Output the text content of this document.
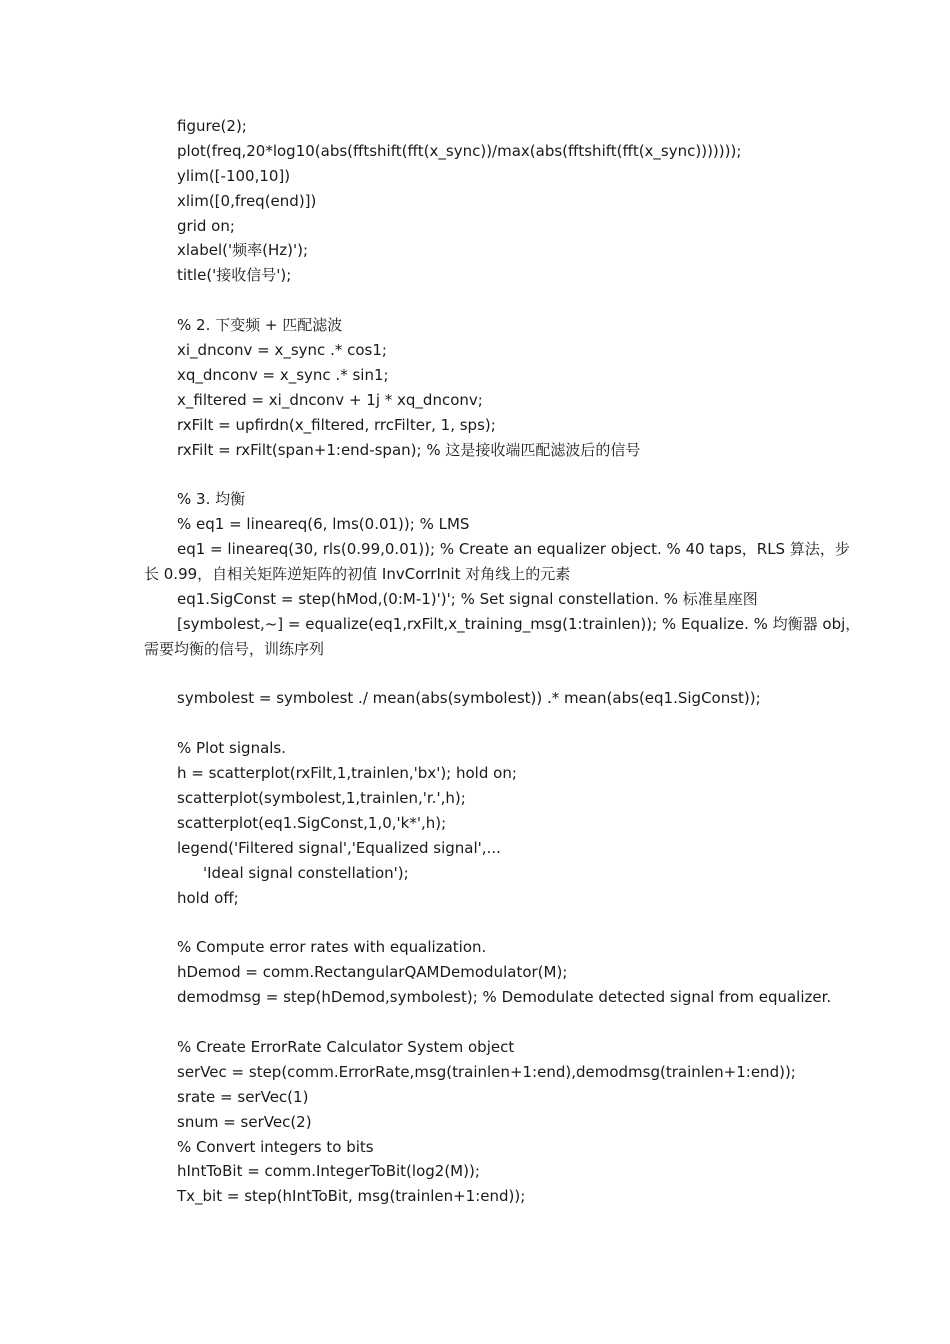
figure(2);
plot(freq,20*log10(abs(fftshift(fft(x_sync))/max(abs(fftshift(fft(x_sync)))))));
ylim([-100,10])
xlim([0,freq(end)])
grid on;
xlabel('频率(Hz)');
title('接收信号');
% 2. 下变频 + 匹配滤波
xi_dnconv = x_sync .* cos1;
xq_dnconv = x_sync .* sin1;
x_filtered = xi_dnconv + 1j * xq_dnconv;
rxFilt = upfirdn(x_filtered, rrcFilter, 1, sps);
rxFilt = rxFilt(span+1:end-span); % 这是接收端匹配滤波后的信号
% 3. 均衡
% eq1 = lineareq(6, lms(0.01)); % LMS
eq1 = lineareq(30, rls(0.99,0.01)); % Create an equalizer object. % 40 taps，RLS 算法，步
长 0.99，自相关矩阵逆矩阵的初值 InvCorrInit 对角线上的元素
eq1.SigConst = step(hMod,(0:M-1)')'; % Set signal constellation. % 标准星座图
[symbolest,~] = equalize(eq1,rxFilt,x_training_msg(1:trainlen)); % Equalize. % 均衡器 obj，
需要均衡的信号，训练序列
symbolest = symbolest ./ mean(abs(symbolest)) .* mean(abs(eq1.SigConst));
% Plot signals.
h = scatterplot(rxFilt,1,trainlen,'bx'); hold on;
scatterplot(symbolest,1,trainlen,'r.',h);
scatterplot(eq1.SigConst,1,0,'k*',h);
legend('Filtered signal','Equalized signal',...
'Ideal signal constellation');
hold off;
% Compute error rates with equalization.
hDemod = comm.RectangularQAMDemodulator(M);
demodmsg = step(hDemod,symbolest); % Demodulate detected signal from equalizer.
% Create ErrorRate Calculator System object
serVec = step(comm.ErrorRate,msg(trainlen+1:end),demodmsg(trainlen+1:end));
srate = serVec(1)
snum = serVec(2)
% Convert integers to bits
hIntToBit = comm.IntegerToBit(log2(M));
Tx_bit = step(hIntToBit, msg(trainlen+1:end));
